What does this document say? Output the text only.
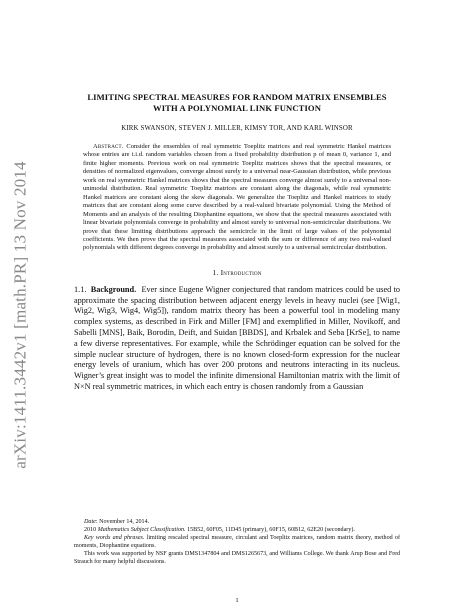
arXiv:1411.3442v1 [math.PR] 13 Nov 2014
LIMITING SPECTRAL MEASURES FOR RANDOM MATRIX ENSEMBLES
WITH A POLYNOMIAL LINK FUNCTION
KIRK SWANSON, STEVEN J. MILLER, KIMSY TOR, AND KARL WINSOR
Abstract. Consider the ensembles of real symmetric Toeplitz matrices and real symmetric Hankel matrices whose entries are i.i.d. random variables chosen from a fixed probability distribution p of mean 0, variance 1, and finite higher moments. Previous work on real symmetric Toeplitz matrices shows that the spectral measures, or densities of normalized eigenvalues, converge almost surely to a universal near-Gaussian distribution, while previous work on real symmetric Hankel matrices shows that the spectral measures converge almost surely to a universal non-unimodal distribution. Real symmetric Toeplitz matrices are constant along the diagonals, while real symmetric Hankel matrices are constant along the skew diagonals. We generalize the Toeplitz and Hankel matrices to study matrices that are constant along some curve described by a real-valued bivariate polynomial. Using the Method of Moments and an analysis of the resulting Diophantine equations, we show that the spectral measures associated with linear bivariate polynomials converge in probability and almost surely to universal non-semicircular distributions. We prove that these limiting distributions approach the semicircle in the limit of large values of the polynomial coefficients. We then prove that the spectral measures associated with the sum or difference of any two real-valued polynomials with different degrees converge in probability and almost surely to a universal semicircular distribution.
1. Introduction
1.1. Background. Ever since Eugene Wigner conjectured that random matrices could be used to approximate the spacing distribution between adjacent energy levels in heavy nuclei (see [Wig1, Wig2, Wig3, Wig4, Wig5]), random matrix theory has been a powerful tool in modeling many complex systems, as described in Firk and Miller [FM] and exemplified in Miller, Novikoff, and Sabelli [MNS], Baik, Borodin, Deift, and Suidan [BBDS], and Krbalek and Seba [KrSe], to name a few diverse representatives. For example, while the Schrödinger equation can be solved for the simple nuclear structure of hydrogen, there is no known closed-form expression for the nuclear energy levels of uranium, which has over 200 protons and neutrons interacting in its nucleus. Wigner’s great insight was to model the infinite dimensional Hamiltonian matrix with the limit of N×N real symmetric matrices, in which each entry is chosen randomly from a Gaussian

Date: November 14, 2014.

2010 Mathematics Subject Classification. 15B52, 60F05, 11D45 (primary), 60F15, 60B12, 62E20 (secondary).

Key words and phrases. limiting rescaled spectral measure, circulant and Toeplitz matrices, random matrix theory, method of moments, Diophantine equations.

This work was supported by NSF grants DMS1347804 and DMS1265673, and Williams College. We thank Arup Bose and Fred Strauch for many helpful discussions.

1
